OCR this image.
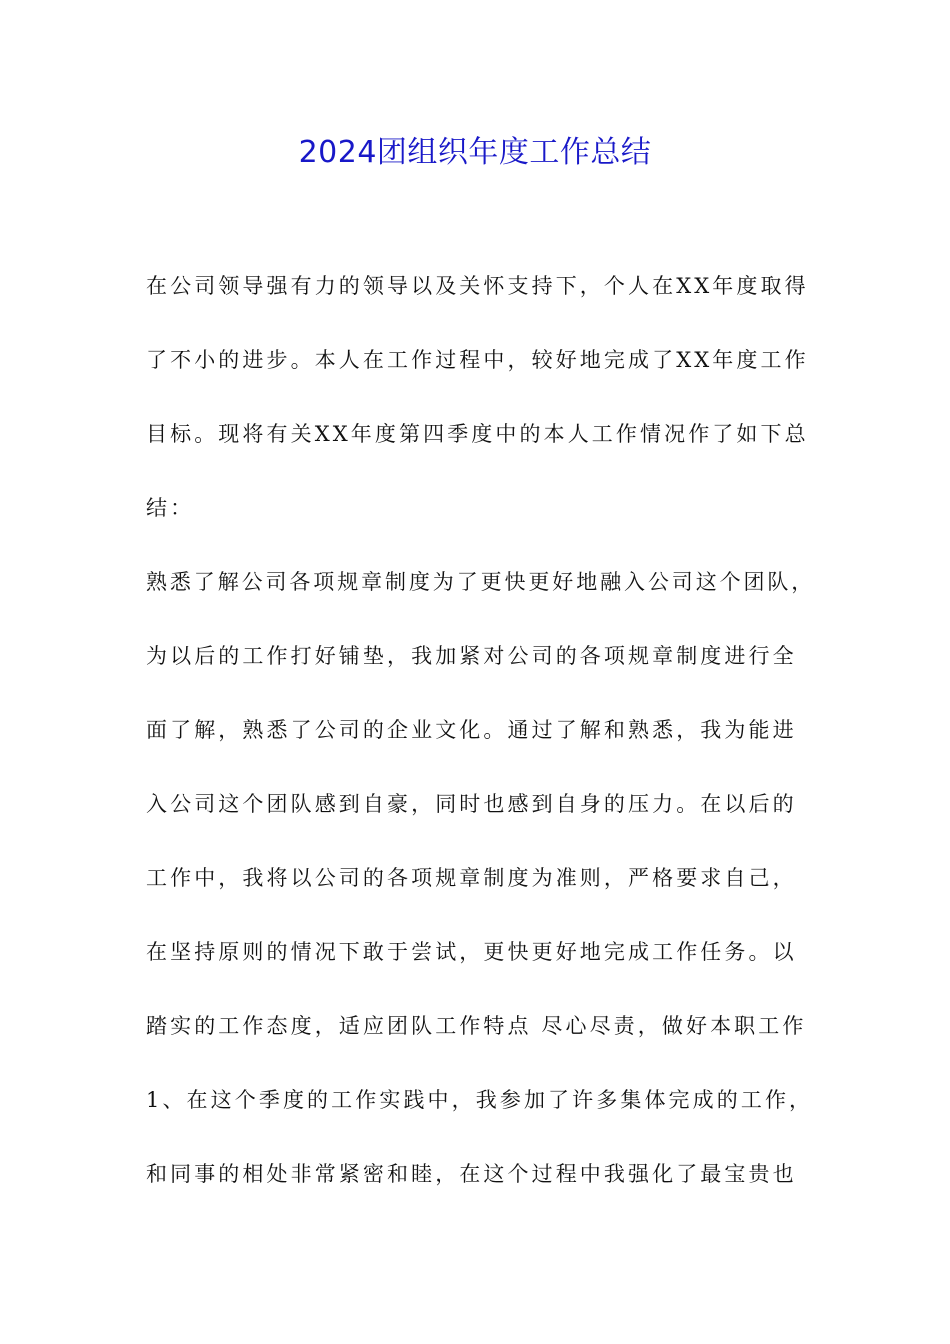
2024团组织年度工作总结
在公司领导强有力的领导以及关怀支持下，个人在XX年度取得
了不小的进步。本人在工作过程中，较好地完成了XX年度工作
目标。现将有关XX年度第四季度中的本人工作情况作了如下总
结：
熟悉了解公司各项规章制度为了更快更好地融入公司这个团队，
为以后的工作打好铺垫，我加紧对公司的各项规章制度进行全
面了解，熟悉了公司的企业文化。通过了解和熟悉，我为能进
入公司这个团队感到自豪，同时也感到自身的压力。在以后的
工作中，我将以公司的各项规章制度为准则，严格要求自己，
在坚持原则的情况下敢于尝试，更快更好地完成工作任务。以
踏实的工作态度，适应团队工作特点 尽心尽责，做好本职工作
1、在这个季度的工作实践中，我参加了许多集体完成的工作，
和同事的相处非常紧密和睦，在这个过程中我强化了最宝贵也
